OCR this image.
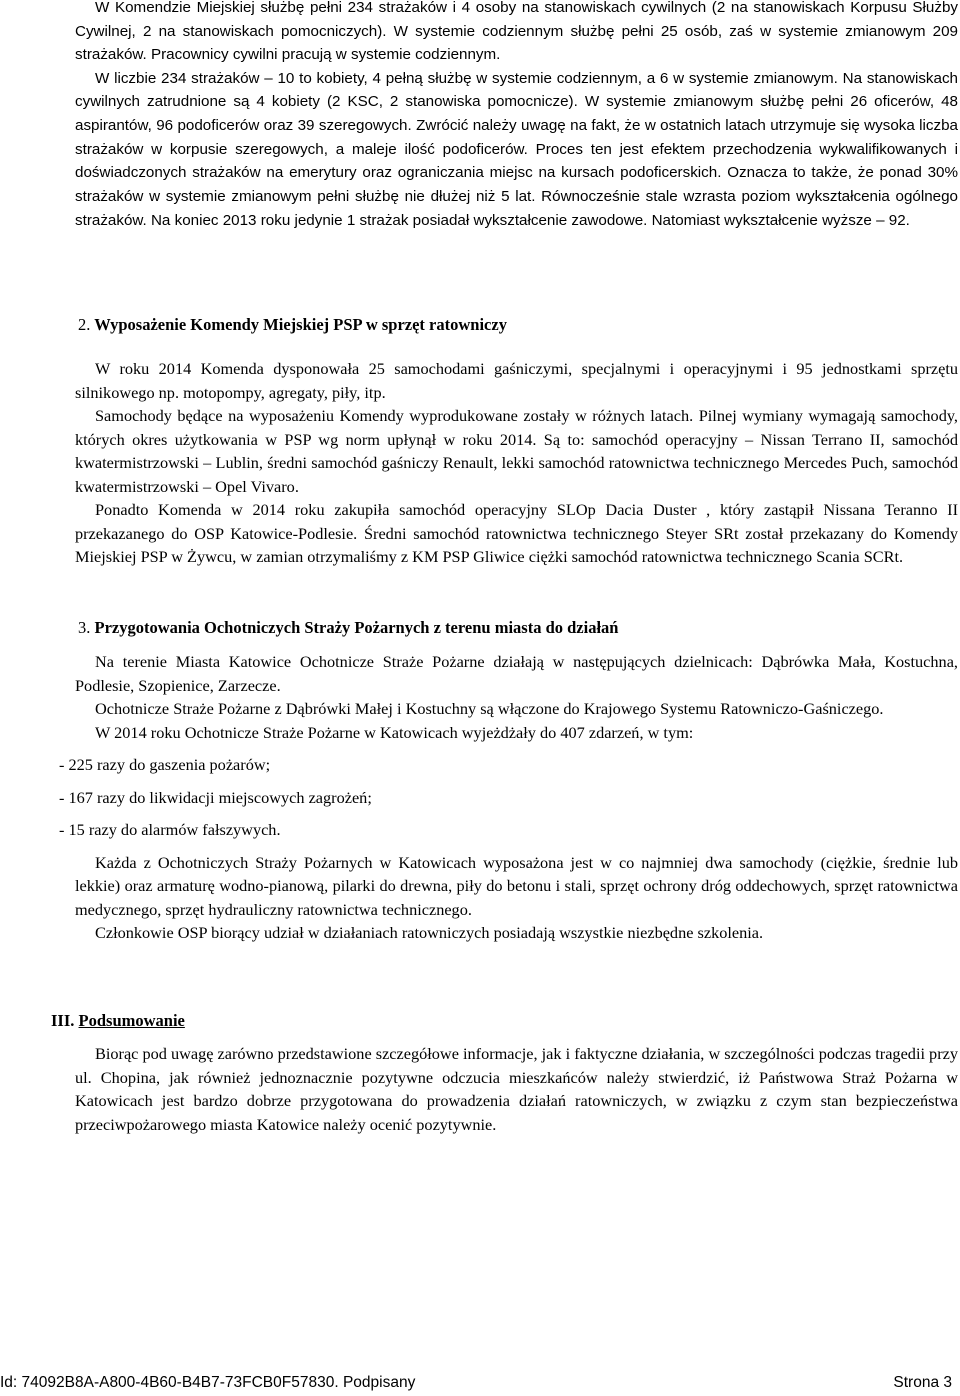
W Komendzie Miejskiej służbę pełni 234 strażaków i 4 osoby na stanowiskach cywilnych (2 na stanowiskach Korpusu Służby Cywilnej, 2 na stanowiskach pomocniczych). W systemie codziennym służbę pełni 25 osób, zaś w systemie zmianowym 209 strażaków. Pracownicy cywilni pracują w systemie codziennym.

W liczbie 234 strażaków – 10 to kobiety, 4 pełną służbę w systemie codziennym, a 6 w systemie zmianowym. Na stanowiskach cywilnych zatrudnione są 4 kobiety (2 KSC, 2 stanowiska pomocnicze). W systemie zmianowym służbę pełni 26 oficerów, 48 aspirantów, 96 podoficerów oraz 39 szeregowych. Zwrócić należy uwagę na fakt, że w ostatnich latach utrzymuje się wysoka liczba strażaków w korpusie szeregowych, a maleje ilość podoficerów. Proces ten jest efektem przechodzenia wykwalifikowanych i doświadczonych strażaków na emerytury oraz ograniczania miejsc na kursach podoficerskich. Oznacza to także, że ponad 30% strażaków w systemie zmianowym pełni służbę nie dłużej niż 5 lat. Równocześnie stale wzrasta poziom wykształcenia ogólnego strażaków. Na koniec 2013 roku jedynie 1 strażak posiadał wykształcenie zawodowe. Natomiast wykształcenie wyższe – 92.

2. Wyposażenie Komendy Miejskiej PSP w sprzęt ratowniczy

W roku 2014 Komenda dysponowała 25 samochodami gaśniczymi, specjalnymi i operacyjnymi i 95 jednostkami sprzętu silnikowego np. motopompy, agregaty, piły, itp.

Samochody będące na wyposażeniu Komendy wyprodukowane zostały w różnych latach. Pilnej wymiany wymagają samochody, których okres użytkowania w PSP wg norm upłynął w roku 2014. Są to: samochód operacyjny – Nissan Terrano II, samochód kwatermistrzowski – Lublin, średni samochód gaśniczy Renault, lekki samochód ratownictwa technicznego Mercedes Puch, samochód kwatermistrzowski – Opel Vivaro.

Ponadto Komenda w 2014 roku zakupiła samochód operacyjny SLOp Dacia Duster , który zastąpił Nissana Teranno II przekazanego do OSP Katowice-Podlesie. Średni samochód ratownictwa technicznego Steyer SRt został przekazany do Komendy Miejskiej PSP w Żywcu, w zamian otrzymaliśmy z KM PSP Gliwice ciężki samochód ratownictwa technicznego Scania SCRt.

3. Przygotowania Ochotniczych Straży Pożarnych z terenu miasta do działań

Na terenie Miasta Katowice Ochotnicze Straże Pożarne działają w następujących dzielnicach: Dąbrówka Mała, Kostuchna, Podlesie, Szopienice, Zarzecze.

Ochotnicze Straże Pożarne z Dąbrówki Małej i Kostuchny są włączone do Krajowego Systemu Ratowniczo-Gaśniczego.

W 2014 roku Ochotnicze Straże Pożarne w Katowicach wyjeżdżały do 407 zdarzeń, w tym:

- 225 razy do gaszenia pożarów;

- 167 razy do likwidacji miejscowych zagrożeń;

- 15 razy do alarmów fałszywych.

Każda z Ochotniczych Straży Pożarnych w Katowicach wyposażona jest w co najmniej dwa samochody (ciężkie, średnie lub lekkie) oraz armaturę wodno-pianową, pilarki do drewna, piły do betonu i stali, sprzęt ochrony dróg oddechowych, sprzęt ratownictwa medycznego, sprzęt hydrauliczny ratownictwa technicznego.

Członkowie OSP biorący udział w działaniach ratowniczych posiadają wszystkie niezbędne szkolenia.

III. Podsumowanie

Biorąc pod uwagę zarówno przedstawione szczegółowe informacje, jak i faktyczne działania, w szczególności podczas tragedii przy ul. Chopina, jak również jednoznacznie pozytywne odczucia mieszkańców należy stwierdzić, iż Państwowa Straż Pożarna w Katowicach jest bardzo dobrze przygotowana do prowadzenia działań ratowniczych, w związku z czym stan bezpieczeństwa przeciwpożarowego miasta Katowice należy ocenić pozytywnie.

Id: 74092B8A-A800-4B60-B4B7-73FCB0F57830. Podpisany	Strona 3
